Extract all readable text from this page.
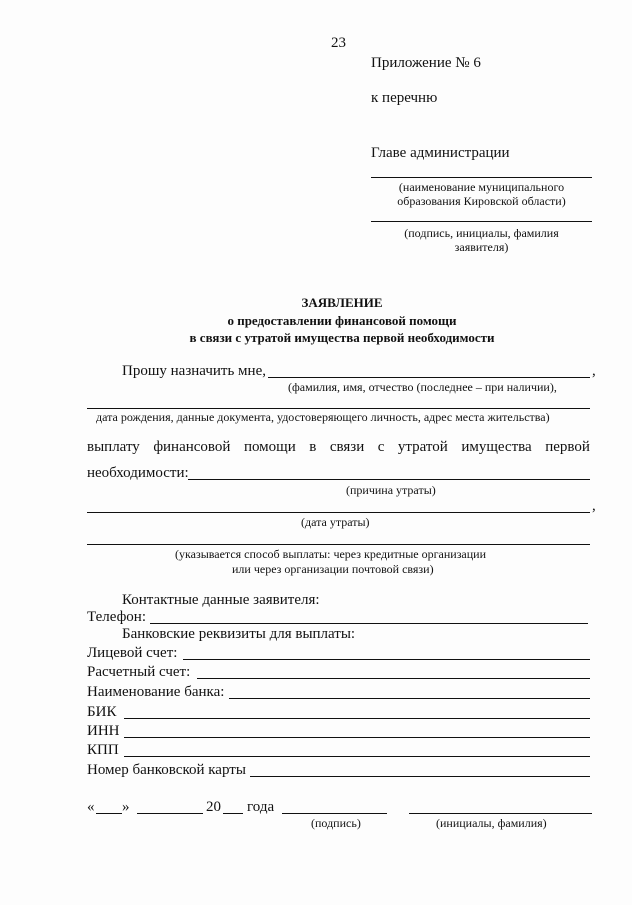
23
Приложение № 6
к перечню
Главе администрации
(наименование муниципального
образования Кировской области)
(подпись, инициалы, фамилия
заявителя)
ЗАЯВЛЕНИЕ
о предоставлении финансовой помощи
в связи с утратой имущества первой необходимости
Прошу назначить мне,	,
(фамилия, имя, отчество (последнее – при наличии),
дата рождения, данные документа, удостоверяющего личность, адрес места жительства)
выплату финансовой помощи в связи с утратой имущества первой
необходимости:
(причина утраты)
,
(дата утраты)
(указывается способ выплаты: через кредитные организации
или через организации почтовой связи)
Контактные данные заявителя:
Телефон:
Банковские реквизиты для выплаты:
Лицевой счет:
Расчетный счет:
Наименование банка:
БИК
ИНН
КПП
Номер банковской карты
« »	20 года
(подпись)	(инициалы, фамилия)
